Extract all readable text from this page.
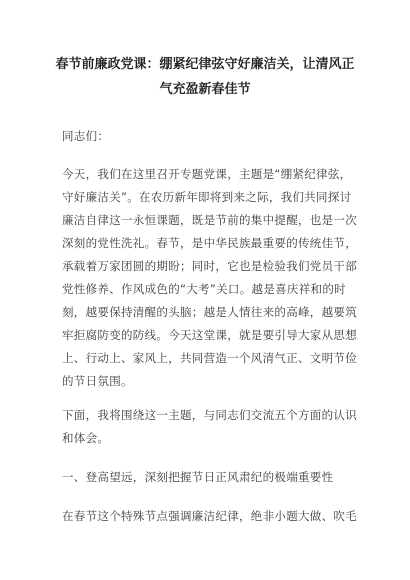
春节前廉政党课：绷紧纪律弦守好廉洁关，让清风正
气充盈新春佳节
同志们：
今天，我们在这里召开专题党课，主题是“绷紧纪律弦，
守好廉洁关”。在农历新年即将到来之际，我们共同探讨
廉洁自律这一永恒课题，既是节前的集中提醒，也是一次
深刻的党性洗礼。春节，是中华民族最重要的传统佳节，
承载着万家团圆的期盼；同时，它也是检验我们党员干部
党性修养、作风成色的“大考”关口。越是喜庆祥和的时
刻，越要保持清醒的头脑；越是人情往来的高峰，越要筑
牢拒腐防变的防线。今天这堂课，就是要引导大家从思想
上、行动上、家风上，共同营造一个风清气正、文明节俭
的节日氛围。
下面，我将围绕这一主题，与同志们交流五个方面的认识
和体会。
一、登高望远，深刻把握节日正风肃纪的极端重要性
在春节这个特殊节点强调廉洁纪律，绝非小题大做、吹毛
